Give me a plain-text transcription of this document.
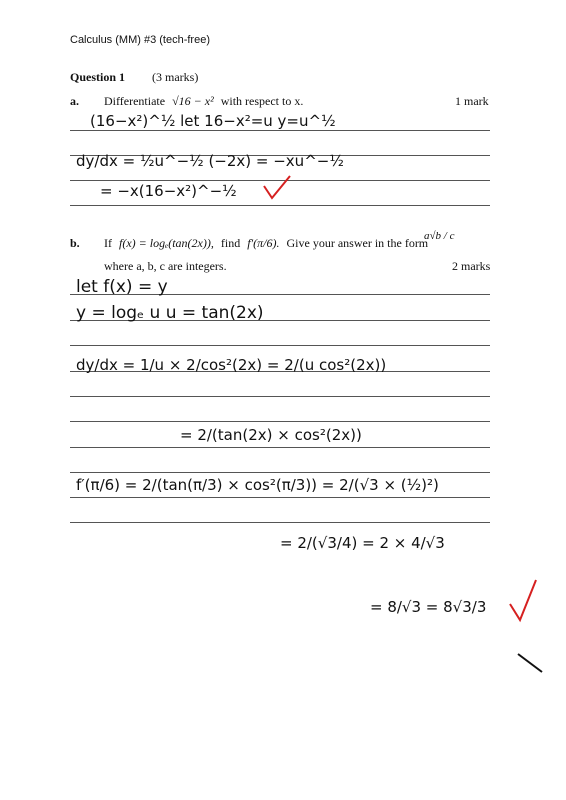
Calculus (MM) #3 (tech-free)
Question 1 (3 marks)
a. Differentiate √16 − x² with respect to x.	1 mark
b. If f(x) = logₑ(tan(2x)), find f′(π/6). Give your answer in the form
a√b / c
where a, b, c are integers.	2 marks
(16−x²)^½ let 16−x²=u y=u^½
dy/dx = ½u^−½ (−2x) = −xu^−½
= −x(16−x²)^−½
let f(x) = y
y = logₑ u u = tan(2x)
dy/dx = 1/u × 2/cos²(2x) = 2/(u cos²(2x))
= 2/(tan(2x) × cos²(2x))
f′(π/6) = 2/(tan(π/3) × cos²(π/3)) = 2/(√3 × (½)²)
= 2/(√3/4) = 2 × 4/√3
= 8/√3 = 8√3/3
